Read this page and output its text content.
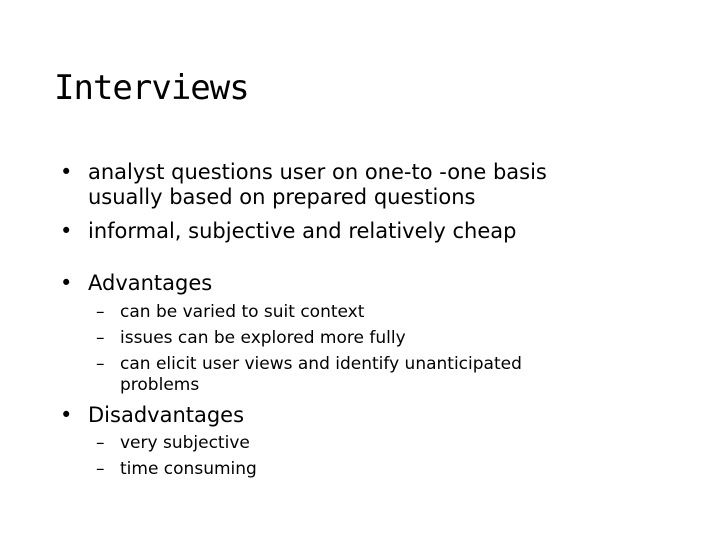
Interviews
• analyst questions user on one-to -one basis
usually based on prepared questions
• informal, subjective and relatively cheap
• Advantages
– can be varied to suit context
– issues can be explored more fully
– can elicit user views and identify unanticipated
problems
• Disadvantages
– very subjective
– time consuming
